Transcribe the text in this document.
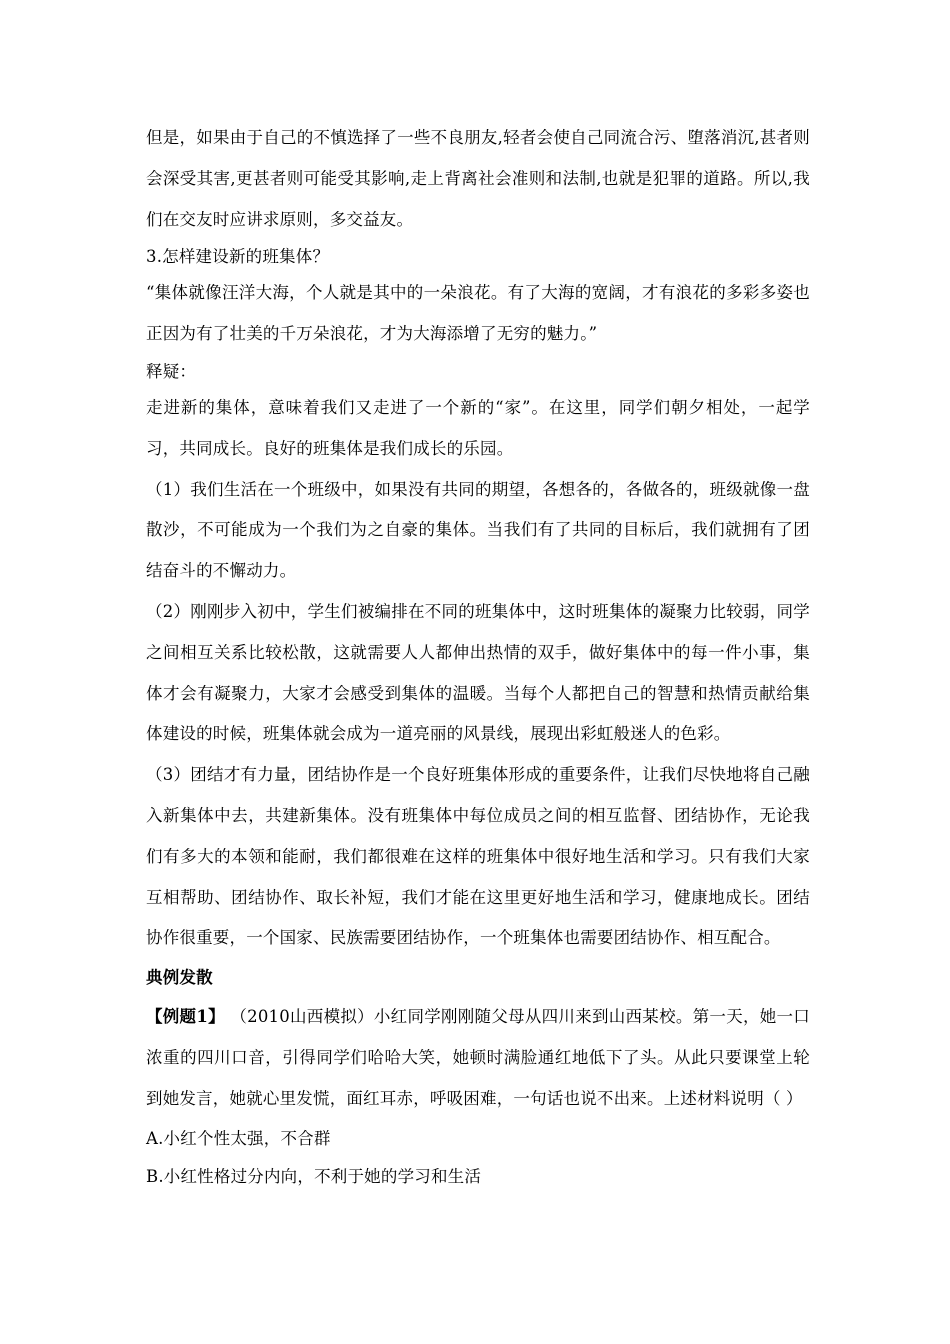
但是，如果由于自己的不慎选择了一些不良朋友,轻者会使自己同流合污、堕落消沉,甚者则会深受其害,更甚者则可能受其影响,走上背离社会准则和法制,也就是犯罪的道路。所以,我们在交友时应讲求原则，多交益友。

3.怎样建设新的班集体？

“集体就像汪洋大海，个人就是其中的一朵浪花。有了大海的宽阔，才有浪花的多彩多姿也正因为有了壮美的千万朵浪花，才为大海添增了无穷的魅力。”

释疑：

走进新的集体，意味着我们又走进了一个新的“家”。在这里，同学们朝夕相处，一起学习，共同成长。良好的班集体是我们成长的乐园。

（1）我们生活在一个班级中，如果没有共同的期望，各想各的，各做各的，班级就像一盘散沙，不可能成为一个我们为之自豪的集体。当我们有了共同的目标后，我们就拥有了团结奋斗的不懈动力。

（2）刚刚步入初中，学生们被编排在不同的班集体中，这时班集体的凝聚力比较弱，同学之间相互关系比较松散，这就需要人人都伸出热情的双手，做好集体中的每一件小事，集体才会有凝聚力，大家才会感受到集体的温暖。当每个人都把自己的智慧和热情贡献给集体建设的时候，班集体就会成为一道亮丽的风景线，展现出彩虹般迷人的色彩。

（3）团结才有力量，团结协作是一个良好班集体形成的重要条件，让我们尽快地将自己融入新集体中去，共建新集体。没有班集体中每位成员之间的相互监督、团结协作，无论我们有多大的本领和能耐，我们都很难在这样的班集体中很好地生活和学习。只有我们大家互相帮助、团结协作、取长补短，我们才能在这里更好地生活和学习，健康地成长。团结协作很重要，一个国家、民族需要团结协作，一个班集体也需要团结协作、相互配合。

典例发散

【例题1】 （2010山西模拟）小红同学刚刚随父母从四川来到山西某校。第一天，她一口浓重的四川口音，引得同学们哈哈大笑，她顿时满脸通红地低下了头。从此只要课堂上轮到她发言，她就心里发慌，面红耳赤，呼吸困难，一句话也说不出来。上述材料说明（ ）

A.小红个性太强，不合群

B.小红性格过分内向，不利于她的学习和生活
